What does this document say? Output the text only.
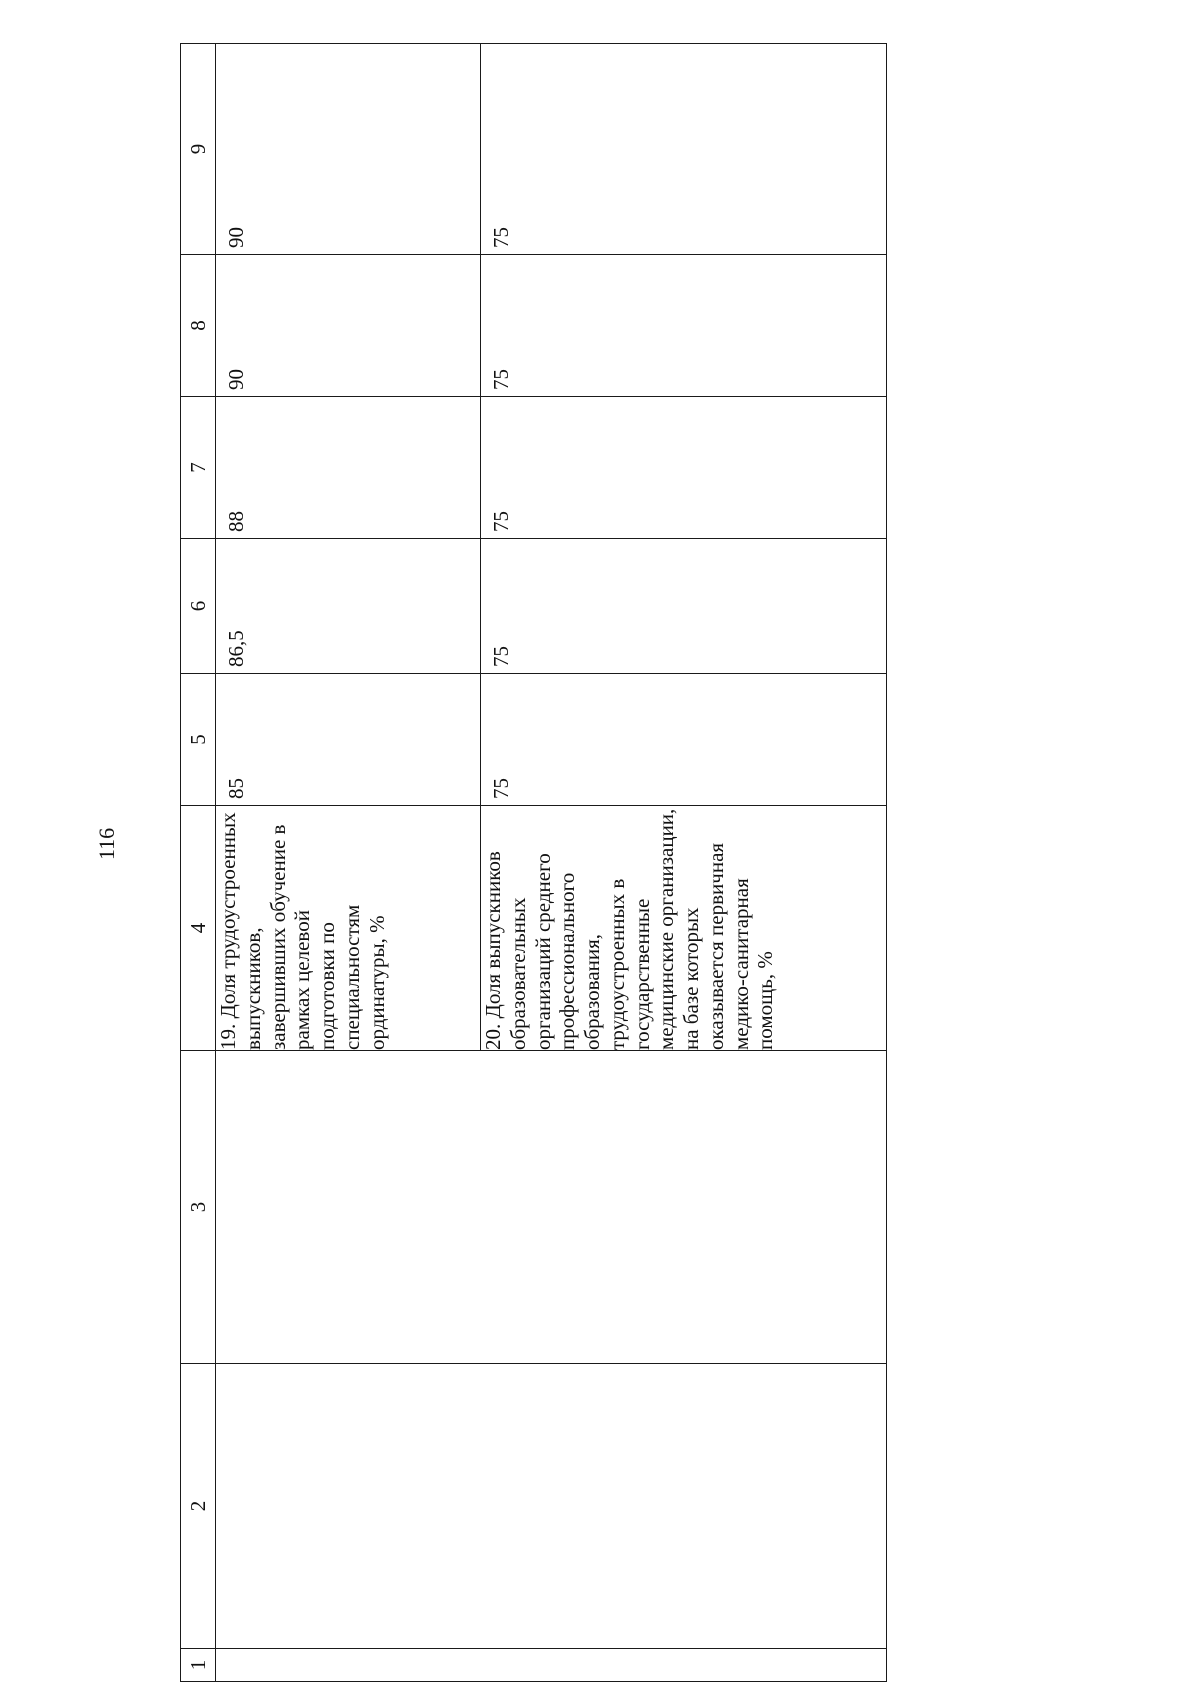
116
1	2	3	4	5	6	7	8	9
			19. Доля трудоустроенных выпускников, завершивших обучение в рамках целевой подготовки по специальностям ординатуры, %	85	86,5	88	90	90
			20. Доля выпускников образовательных организаций среднего профессионального образования, трудоустроенных в государственные медицинские организации, на базе которых оказывается первичная медико-санитарная помощь, %	75	75	75	75	75
